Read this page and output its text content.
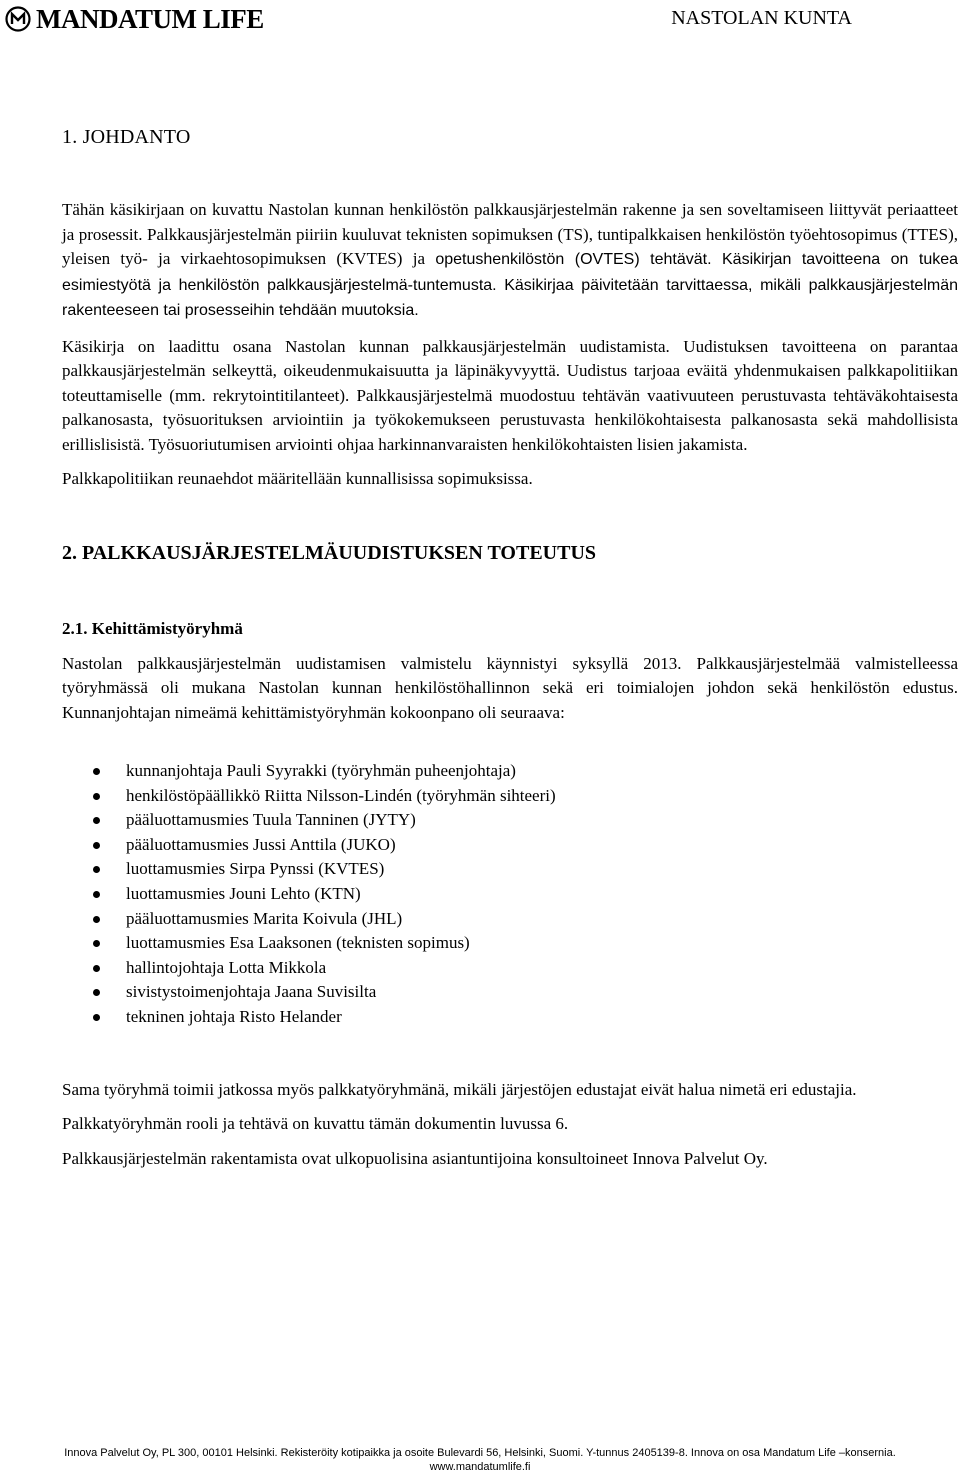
MANDATUM LIFE	NASTOLAN KUNTA
1. JOHDANTO

Tähän käsikirjaan on kuvattu Nastolan kunnan henkilöstön palkkausjärjestelmän rakenne ja sen soveltamiseen liittyvät periaatteet ja prosessit. Palkkausjärjestelmän piiriin kuuluvat teknisten sopimuksen (TS), tuntipalkkaisen henkilöstön työehtosopimus (TTES), yleisen työ- ja virkaehtosopimuksen (KVTES) ja opetushenkilöstön (OVTES) tehtävät. Käsikirjan tavoitteena on tukea esimiestyötä ja henkilöstön palkkausjärjestelmä-tuntemusta. Käsikirjaa päivitetään tarvittaessa, mikäli palkkausjärjestelmän rakenteeseen tai prosesseihin tehdään muutoksia.

Käsikirja on laadittu osana Nastolan kunnan palkkausjärjestelmän uudistamista. Uudistuksen tavoitteena on parantaa palkkausjärjestelmän selkeyttä, oikeudenmukaisuutta ja läpinäkyvyyttä. Uudistus tarjoaa eväitä yhdenmukaisen palkkapolitiikan toteuttamiselle (mm. rekrytointitilanteet). Palkkausjärjestelmä muodostuu tehtävän vaativuuteen perustuvasta tehtäväkohtaisesta palkanosasta, työsuorituksen arviointiin ja työkokemukseen perustuvasta henkilökohtaisesta palkanosasta sekä mahdollisista erillislisistä. Työsuoriutumisen arviointi ohjaa harkinnanvaraisten henkilökohtaisten lisien jakamista.

Palkkapolitiikan reunaehdot määritellään kunnallisissa sopimuksissa.

2. PALKKAUSJÄRJESTELMÄUUDISTUKSEN TOTEUTUS
2.1. Kehittämistyöryhmä

Nastolan palkkausjärjestelmän uudistamisen valmistelu käynnistyi syksyllä 2013. Palkkausjärjestelmää valmistelleessa työryhmässä oli mukana Nastolan kunnan henkilöstöhallinnon sekä eri toimialojen johdon sekä henkilöstön edustus. Kunnanjohtajan nimeämä kehittämistyöryhmän kokoonpano oli seuraava:

kunnanjohtaja Pauli Syyrakki (työryhmän puheenjohtaja)
henkilöstöpäällikkö Riitta Nilsson-Lindén (työryhmän sihteeri)
pääluottamusmies Tuula Tanninen (JYTY)
pääluottamusmies Jussi Anttila (JUKO)
luottamusmies Sirpa Pynssi (KVTES)
luottamusmies Jouni Lehto (KTN)
pääluottamusmies Marita Koivula (JHL)
luottamusmies Esa Laaksonen (teknisten sopimus)
hallintojohtaja Lotta Mikkola
sivistystoimenjohtaja Jaana Suvisilta
tekninen johtaja Risto Helander

Sama työryhmä toimii jatkossa myös palkkatyöryhmänä, mikäli järjestöjen edustajat eivät halua nimetä eri edustajia.

Palkkatyöryhmän rooli ja tehtävä on kuvattu tämän dokumentin luvussa 6.

Palkkausjärjestelmän rakentamista ovat ulkopuolisina asiantuntijoina konsultoineet Innova Palvelut Oy.

Innova Palvelut Oy, PL 300, 00101 Helsinki. Rekisteröity kotipaikka ja osoite Bulevardi 56, Helsinki, Suomi. Y-tunnus 2405139-8. Innova on osa Mandatum Life –konsernia.
www.mandatumlife.fi
